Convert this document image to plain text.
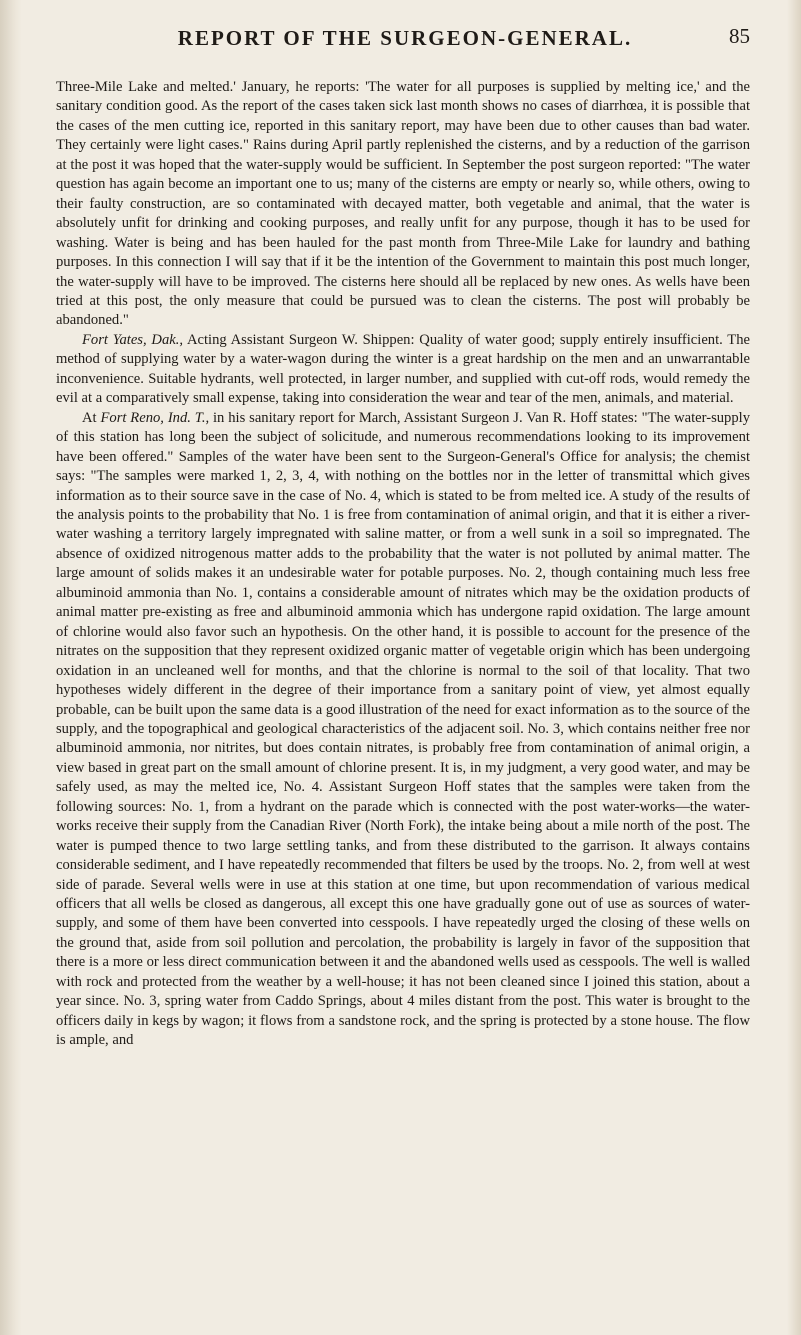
REPORT OF THE SURGEON-GENERAL.	85

Three-Mile Lake and melted.' January, he reports: 'The water for all purposes is supplied by melting ice,' and the sanitary condition good. As the report of the cases taken sick last month shows no cases of diarrhœa, it is possible that the cases of the men cutting ice, reported in this sanitary report, may have been due to other causes than bad water. They certainly were light cases." Rains during April partly replenished the cisterns, and by a reduction of the garrison at the post it was hoped that the water-supply would be sufficient. In September the post surgeon reported: "The water question has again become an important one to us; many of the cisterns are empty or nearly so, while others, owing to their faulty construction, are so contaminated with decayed matter, both vegetable and animal, that the water is absolutely unfit for drinking and cooking purposes, and really unfit for any purpose, though it has to be used for washing. Water is being and has been hauled for the past month from Three-Mile Lake for laundry and bathing purposes. In this connection I will say that if it be the intention of the Government to maintain this post much longer, the water-supply will have to be improved. The cisterns here should all be replaced by new ones. As wells have been tried at this post, the only measure that could be pursued was to clean the cisterns. The post will probably be abandoned."

Fort Yates, Dak., Acting Assistant Surgeon W. Shippen: Quality of water good; supply entirely insufficient. The method of supplying water by a water-wagon during the winter is a great hardship on the men and an unwarrantable inconvenience. Suitable hydrants, well protected, in larger number, and supplied with cut-off rods, would remedy the evil at a comparatively small expense, taking into consideration the wear and tear of the men, animals, and material.

At Fort Reno, Ind. T., in his sanitary report for March, Assistant Surgeon J. Van R. Hoff states: "The water-supply of this station has long been the subject of solicitude, and numerous recommendations looking to its improvement have been offered." Samples of the water have been sent to the Surgeon-General's Office for analysis; the chemist says: "The samples were marked 1, 2, 3, 4, with nothing on the bottles nor in the letter of transmittal which gives information as to their source save in the case of No. 4, which is stated to be from melted ice. A study of the results of the analysis points to the probability that No. 1 is free from contamination of animal origin, and that it is either a river-water washing a territory largely impregnated with saline matter, or from a well sunk in a soil so impregnated. The absence of oxidized nitrogenous matter adds to the probability that the water is not polluted by animal matter. The large amount of solids makes it an undesirable water for potable purposes. No. 2, though containing much less free albuminoid ammonia than No. 1, contains a considerable amount of nitrates which may be the oxidation products of animal matter pre-existing as free and albuminoid ammonia which has undergone rapid oxidation. The large amount of chlorine would also favor such an hypothesis. On the other hand, it is possible to account for the presence of the nitrates on the supposition that they represent oxidized organic matter of vegetable origin which has been undergoing oxidation in an uncleaned well for months, and that the chlorine is normal to the soil of that locality. That two hypotheses widely different in the degree of their importance from a sanitary point of view, yet almost equally probable, can be built upon the same data is a good illustration of the need for exact information as to the source of the supply, and the topographical and geological characteristics of the adjacent soil. No. 3, which contains neither free nor albuminoid ammonia, nor nitrites, but does contain nitrates, is probably free from contamination of animal origin, a view based in great part on the small amount of chlorine present. It is, in my judgment, a very good water, and may be safely used, as may the melted ice, No. 4. Assistant Surgeon Hoff states that the samples were taken from the following sources: No. 1, from a hydrant on the parade which is connected with the post water-works—the water-works receive their supply from the Canadian River (North Fork), the intake being about a mile north of the post. The water is pumped thence to two large settling tanks, and from these distributed to the garrison. It always contains considerable sediment, and I have repeatedly recommended that filters be used by the troops. No. 2, from well at west side of parade. Several wells were in use at this station at one time, but upon recommendation of various medical officers that all wells be closed as dangerous, all except this one have gradually gone out of use as sources of water-supply, and some of them have been converted into cesspools. I have repeatedly urged the closing of these wells on the ground that, aside from soil pollution and percolation, the probability is largely in favor of the supposition that there is a more or less direct communication between it and the abandoned wells used as cesspools. The well is walled with rock and protected from the weather by a well-house; it has not been cleaned since I joined this station, about a year since. No. 3, spring water from Caddo Springs, about 4 miles distant from the post. This water is brought to the officers daily in kegs by wagon; it flows from a sandstone rock, and the spring is protected by a stone house. The flow is ample, and
